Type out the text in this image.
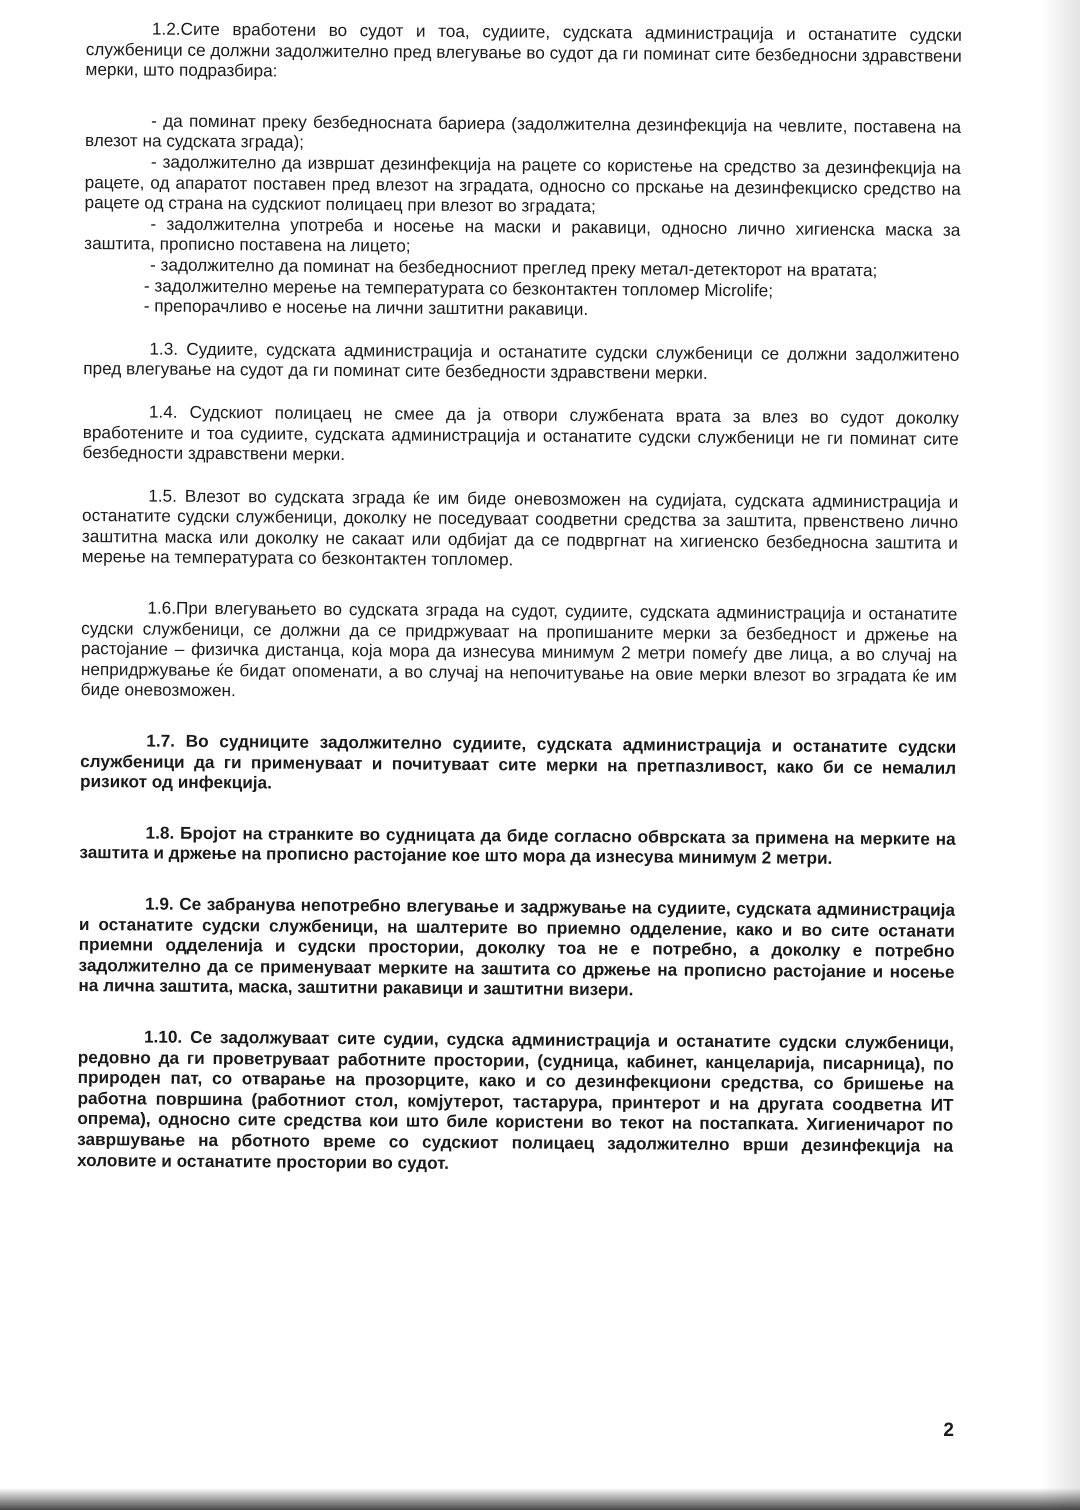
1.2.Сите вработени во судот и тоа, судиите, судската администрација и останатите судски службеници се должни задолжително пред влегување во судот да ги поминат сите безбедносни здравствени мерки, што подразбира:

- да поминат преку безбедносната бариера (задолжителна дезинфекција на чевлите, поставена на влезот на судската зграда);

- задолжително да извршат дезинфекција на рацете со користење на средство за дезинфекција на рацете, од апаратот поставен пред влезот на зградата, односно со прскање на дезинфекциско средство на рацете од страна на судскиот полицаец при влезот во зградата;

- задолжителна употреба и носење на маски и ракавици, односно лично хигиенска маска за заштита, прописно поставена на лицето;

- задолжително да поминат на безбедносниот преглед преку метал-детекторот на вратата;

- задолжително мерење на температурата со безконтактен топломер Microlife;

- препорачливо е носење на лични заштитни ракавици.

1.3. Судиите, судската администрација и останатите судски службеници се должни задолжитено пред влегување на судот да ги поминат сите безбедности здравствени мерки.

1.4. Судскиот полицаец не смее да ја отвори службената врата за влез во судот доколку вработените и тоа судиите, судската администрација и останатите судски службеници не ги поминат сите безбедности здравствени мерки.

1.5. Влезот во судската зграда ќе им биде оневозможен на судијата, судската администрација и останатите судски службеници, доколку не поседуваат соодветни средства за заштита, првенствено лично заштитна маска или доколку не сакаат или одбијат да се подвргнат на хигиенско безбедносна заштита и мерење на температурата со безконтактен топломер.

1.6.При влегувањето во судската зграда на судот, судиите, судската администрација и останатите судски службеници, се должни да се придржуваат на пропишаните мерки за безбедност и држење на растојание – физичка дистанца, која мора да изнесува минимум 2 метри помеѓу две лица, а во случај на непридржување ќе бидат опоменати, а во случај на непочитување на овие мерки влезот во зградата ќе им биде оневозможен.

1.7. Во судниците задолжително судиите, судската администрација и останатите судски службеници да ги применуваат и почитуваат сите мерки на претпазливост, како би се немалил ризикот од инфекција.

1.8. Бројот на странките во судницата да биде согласно обврската за примена на мерките на заштита и држење на прописно растојание кое што мора да изнесува минимум 2 метри.

1.9. Се забранува непотребно влегување и задржување на судиите, судската администрација и останатите судски службеници, на шалтерите во приемно одделение, како и во сите останати приемни одделенија и судски простории, доколку тоа не е потребно, а доколку е потребно задолжително да се применуваат мерките на заштита со држење на прописно растојание и носење на лична заштита, маска, заштитни ракавици и заштитни визери.

1.10. Се задолжуваат сите судии, судска администрација и останатите судски службеници, редовно да ги проветруваат работните простории, (судница, кабинет, канцеларија, писарница), по природен пат, со отварање на прозорците, како и со дезинфекциони средства, со бришење на работна површина (работниот стол, комјутерот, тастарура, принтерот и на другата соодветна ИТ опрема), односно сите средства кои што биле користени во текот на постапката. Хигиеничарот по завршување на рботното време со судскиот полицаец задолжително врши дезинфекција на холовите и останатите простории во судот.

2
